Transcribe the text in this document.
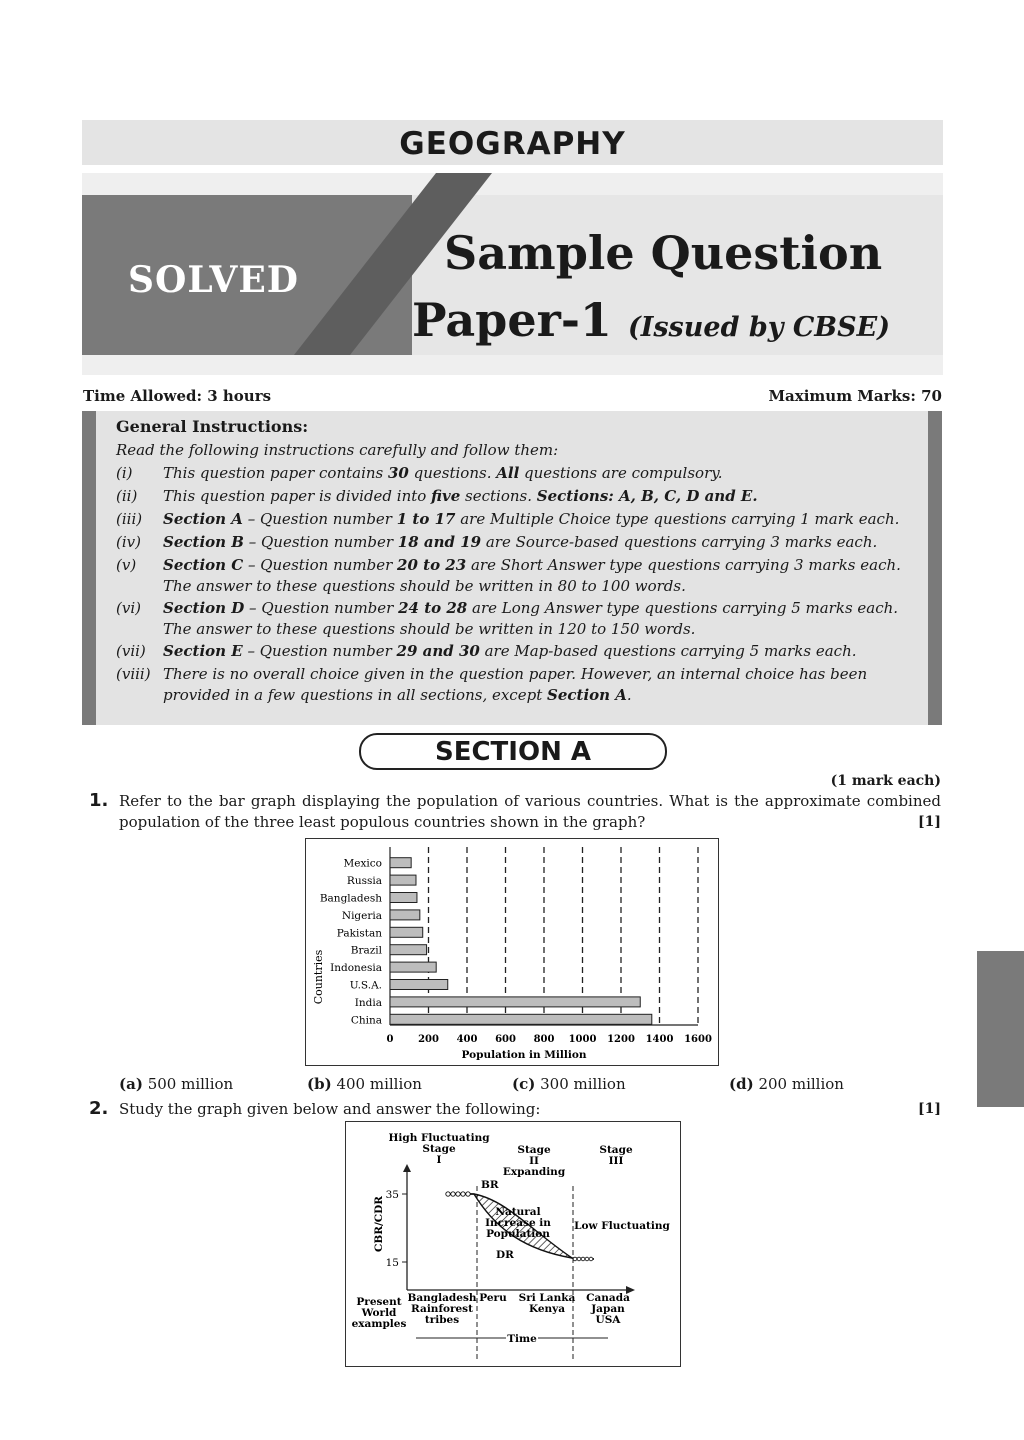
GEOGRAPHY
SOLVED	Sample Question
Paper-1 (Issued by CBSE)
Time Allowed: 3 hours	Maximum Marks: 70
General Instructions:
Read the following instructions carefully and follow them:
(i) This question paper contains 30 questions. All questions are compulsory.
(ii) This question paper is divided into five sections. Sections: A, B, C, D and E.
(iii) Section A – Question number 1 to 17 are Multiple Choice type questions carrying 1 mark each.
(iv) Section B – Question number 18 and 19 are Source-based questions carrying 3 marks each.
(v) Section C – Question number 20 to 23 are Short Answer type questions carrying 3 marks each. The answer to these questions should be written in 80 to 100 words.
(vi) Section D – Question number 24 to 28 are Long Answer type questions carrying 5 marks each. The answer to these questions should be written in 120 to 150 words.
(vii) Section E – Question number 29 and 30 are Map-based questions carrying 5 marks each.
(viii) There is no overall choice given in the question paper. However, an internal choice has been provided in a few questions in all sections, except Section A.
SECTION A
(1 mark each)
1. Refer to the bar graph displaying the population of various countries. What is the approximate combined population of the three least populous countries shown in the graph?	[1]
0 200 400 600 800 1000 1200 1400 1600
Mexico
Russia
Bangladesh
Nigeria
Pakistan
Brazil
Indonesia
U.S.A.
India
China
Population in Million
Countries
(a) 500 million	(b) 400 million	(c) 300 million	(d) 200 million
2. Study the graph given below and answer the following:	[1]
High Fluctuating Stage I
Stage II Expanding
Stage III
CBR/CDR
35
15
BR
DR
Natural Increase in Population
Low Fluctuating
Present World examples
Bangladesh Rainforest tribes
Peru Sri Lanka Kenya
Canada Japan USA
Time
